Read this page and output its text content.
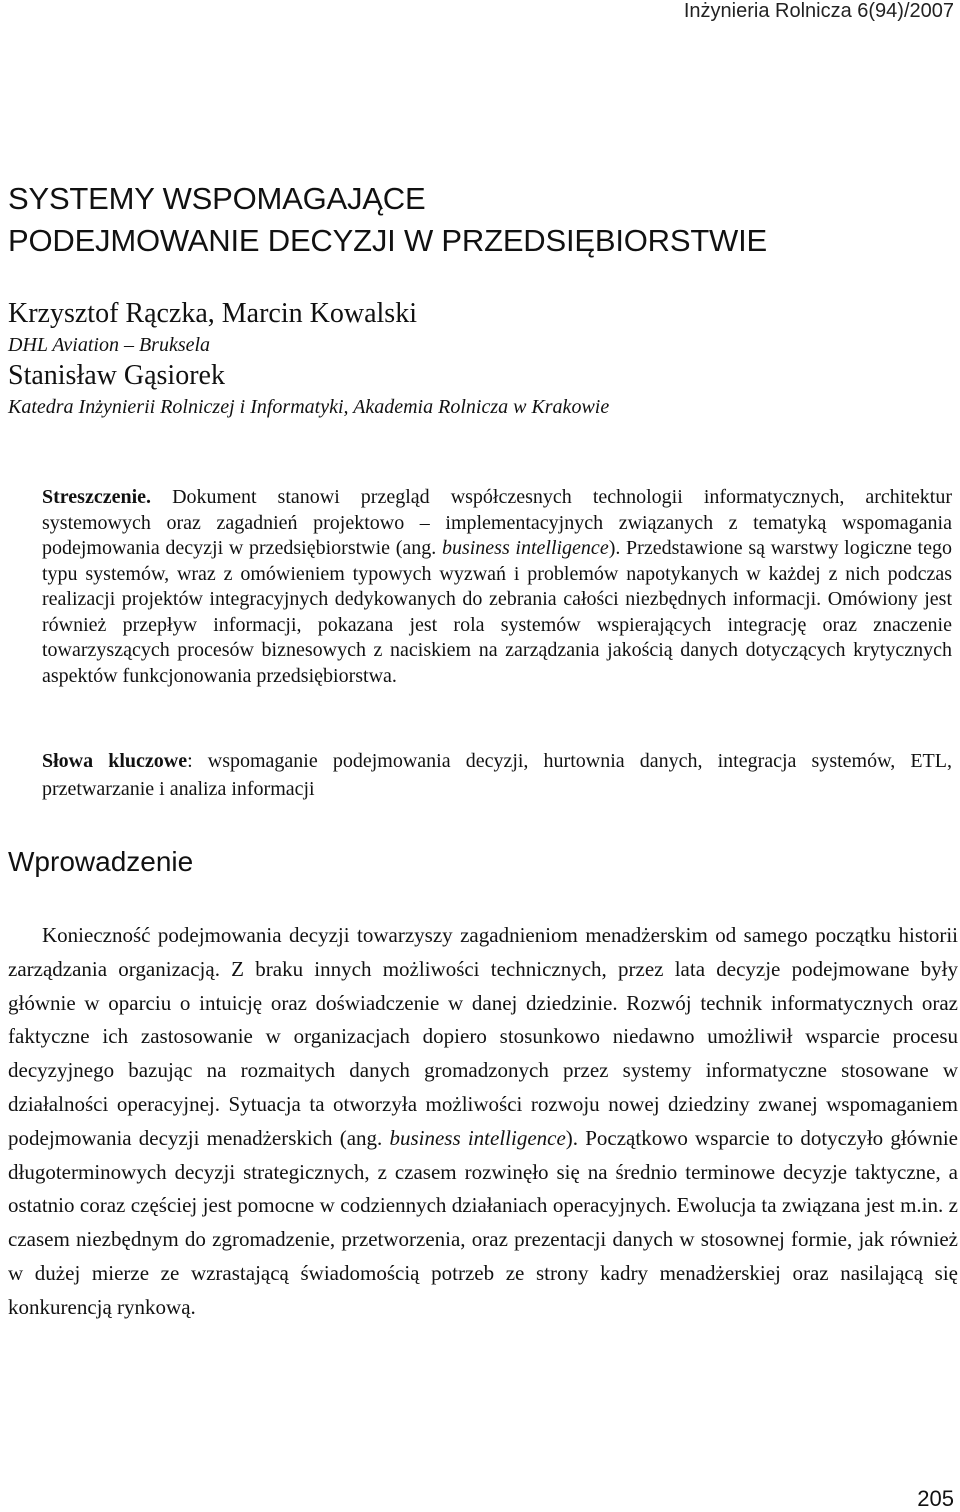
Inżynieria Rolnicza 6(94)/2007

SYSTEMY WSPOMAGAJĄCE
PODEJMOWANIE DECYZJI W PRZEDSIĘBIORSTWIE
Krzysztof Rączka, Marcin Kowalski
DHL Aviation – Bruksela
Stanisław Gąsiorek
Katedra Inżynierii Rolniczej i Informatyki, Akademia Rolnicza w Krakowie

Streszczenie. Dokument stanowi przegląd współczesnych technologii informatycznych, architektur systemowych oraz zagadnień projektowo – implementacyjnych związanych z tematyką wspomagania podejmowania decyzji w przedsiębiorstwie (ang. business intelligence). Przedstawione są warstwy logiczne tego typu systemów, wraz z omówieniem typowych wyzwań i problemów napotykanych w każdej z nich podczas realizacji projektów integracyjnych dedykowanych do zebrania całości niezbędnych informacji. Omówiony jest również przepływ informacji, pokazana jest rola systemów wspierających integrację oraz znaczenie towarzyszących procesów biznesowych z naciskiem na zarządzania jakością danych dotyczących krytycznych aspektów funkcjonowania przedsiębiorstwa.

Słowa kluczowe: wspomaganie podejmowania decyzji, hurtownia danych, integracja systemów, ETL, przetwarzanie i analiza informacji

Wprowadzenie

Konieczność podejmowania decyzji towarzyszy zagadnieniom menadżerskim od samego początku historii zarządzania organizacją. Z braku innych możliwości technicznych, przez lata decyzje podejmowane były głównie w oparciu o intuicję oraz doświadczenie w danej dziedzinie. Rozwój technik informatycznych oraz faktyczne ich zastosowanie w organizacjach dopiero stosunkowo niedawno umożliwił wsparcie procesu decyzyjnego bazując na rozmaitych danych gromadzonych przez systemy informatyczne stosowane w działalności operacyjnej. Sytuacja ta otworzyła możliwości rozwoju nowej dziedziny zwanej wspomaganiem podejmowania decyzji menadżerskich (ang. business intelligence). Początkowo wsparcie to dotyczyło głównie długoterminowych decyzji strategicznych, z czasem rozwinęło się na średnio terminowe decyzje taktyczne, a ostatnio coraz częściej jest pomocne w codziennych działaniach operacyjnych. Ewolucja ta związana jest m.in. z czasem niezbędnym do zgromadzenie, przetworzenia, oraz prezentacji danych w stosownej formie, jak również w dużej mierze ze wzrastającą świadomością potrzeb ze strony kadry menadżerskiej oraz nasilającą się konkurencją rynkową.

205
